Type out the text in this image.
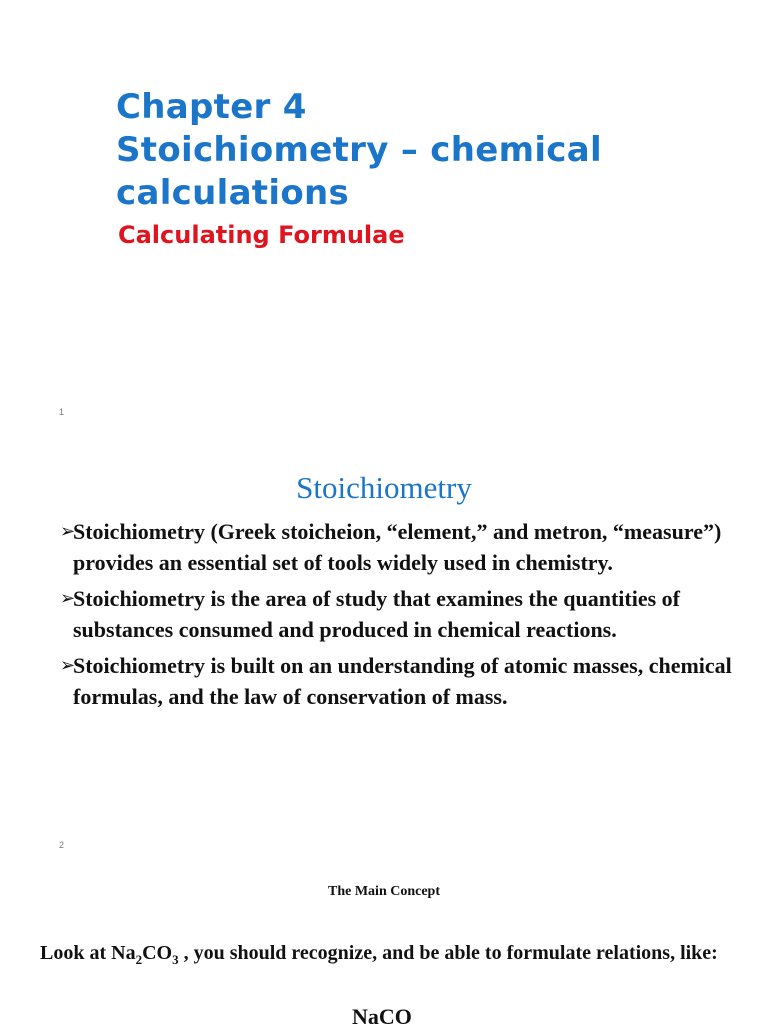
Chapter 4
Stoichiometry – chemical
calculations
Calculating Formulae
1
Stoichiometry
➢
Stoichiometry (Greek stoicheion, “element,” and metron, “measure”) provides an essential set of tools widely used in chemistry.
➢
Stoichiometry is the area of study that examines the quantities of substances consumed and produced in chemical reactions.
➢
Stoichiometry is built on an understanding of atomic masses, chemical formulas, and the law of conservation of mass.
2
The Main Concept

Look at $Na_2CO_3$ , you should recognize, and be able to formulate relations, like:

NaCO
